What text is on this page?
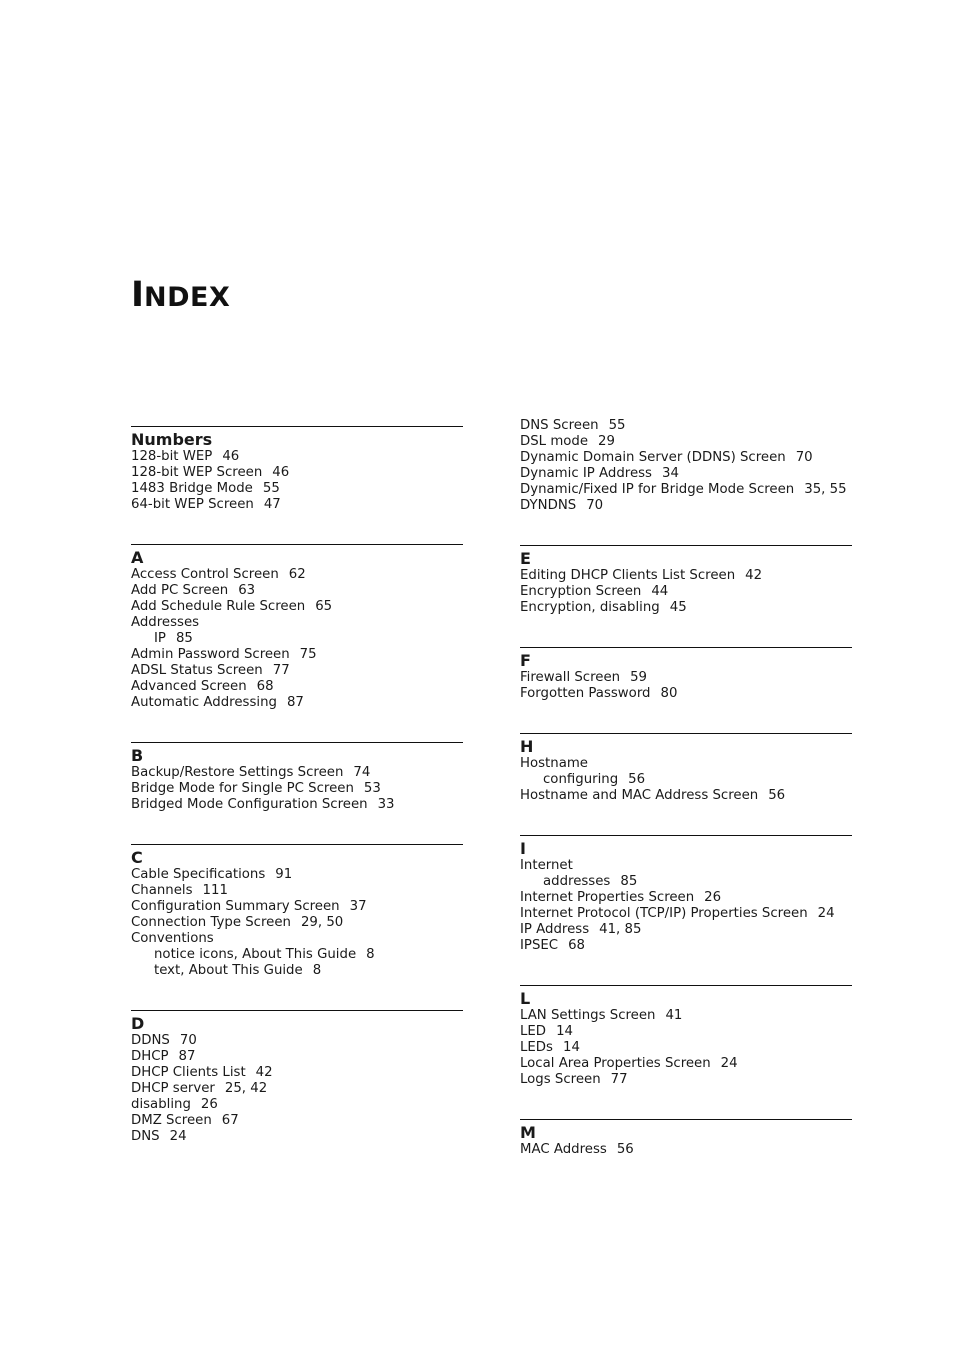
INDEX
Numbers
128-bit WEP 46
128-bit WEP Screen 46
1483 Bridge Mode 55
64-bit WEP Screen 47
A
Access Control Screen 62
Add PC Screen 63
Add Schedule Rule Screen 65
Addresses
IP 85
Admin Password Screen 75
ADSL Status Screen 77
Advanced Screen 68
Automatic Addressing 87
B
Backup/Restore Settings Screen 74
Bridge Mode for Single PC Screen 53
Bridged Mode Configuration Screen 33
C
Cable Specifications 91
Channels 111
Configuration Summary Screen 37
Connection Type Screen 29, 50
Conventions
notice icons, About This Guide 8
text, About This Guide 8
D
DDNS 70
DHCP 87
DHCP Clients List 42
DHCP server 25, 42
disabling 26
DMZ Screen 67
DNS 24
DNS Screen 55
DSL mode 29
Dynamic Domain Server (DDNS) Screen 70
Dynamic IP Address 34
Dynamic/Fixed IP for Bridge Mode Screen 35, 55
DYNDNS 70
E
Editing DHCP Clients List Screen 42
Encryption Screen 44
Encryption, disabling 45
F
Firewall Screen 59
Forgotten Password 80
H
Hostname
configuring 56
Hostname and MAC Address Screen 56
I
Internet
addresses 85
Internet Properties Screen 26
Internet Protocol (TCP/IP) Properties Screen 24
IP Address 41, 85
IPSEC 68
L
LAN Settings Screen 41
LED 14
LEDs 14
Local Area Properties Screen 24
Logs Screen 77
M
MAC Address 56
